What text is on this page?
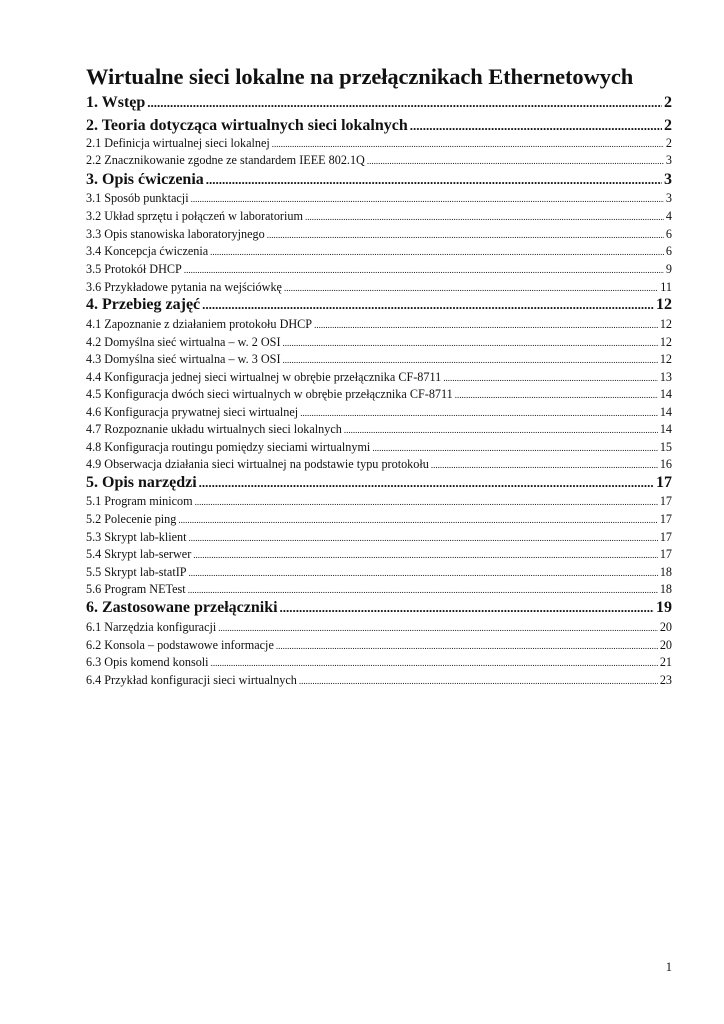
Wirtualne sieci lokalne na przełącznikach Ethernetowych
1. Wstęp .....	2
2. Teoria dotycząca wirtualnych sieci lokalnych .....	2
2.1 Definicja wirtualnej sieci lokalnej .....	2
2.2 Znacznikowanie zgodne ze standardem IEEE 802.1Q .....	3
3. Opis ćwiczenia .....	3
3.1 Sposób punktacji .....	3
3.2 Układ sprzętu i połączeń w laboratorium .....	4
3.3 Opis stanowiska laboratoryjnego .....	6
3.4 Koncepcja ćwiczenia .....	6
3.5 Protokół DHCP .....	9
3.6 Przykładowe pytania na wejściówkę .....	11
4. Przebieg zajęć .....	12
4.1 Zapoznanie z działaniem protokołu DHCP .....	12
4.2 Domyślna sieć wirtualna – w. 2 OSI .....	12
4.3 Domyślna sieć wirtualna – w. 3 OSI .....	12
4.4 Konfiguracja jednej sieci wirtualnej w obrębie przełącznika CF-8711 .....	13
4.5 Konfiguracja dwóch sieci wirtualnych w obrębie przełącznika CF-8711 .....	14
4.6 Konfiguracja prywatnej sieci wirtualnej .....	14
4.7 Rozpoznanie układu wirtualnych sieci lokalnych .....	14
4.8 Konfiguracja routingu pomiędzy sieciami wirtualnymi .....	15
4.9 Obserwacja działania sieci wirtualnej na podstawie typu protokołu .....	16
5. Opis narzędzi .....	17
5.1 Program minicom .....	17
5.2 Polecenie ping .....	17
5.3 Skrypt lab-klient .....	17
5.4 Skrypt lab-serwer .....	17
5.5 Skrypt lab-statIP .....	18
5.6 Program NETest .....	18
6. Zastosowane przełączniki .....	19
6.1 Narzędzia konfiguracji .....	20
6.2 Konsola – podstawowe informacje .....	20
6.3 Opis komend konsoli .....	21
6.4 Przykład konfiguracji sieci wirtualnych .....	23
1
